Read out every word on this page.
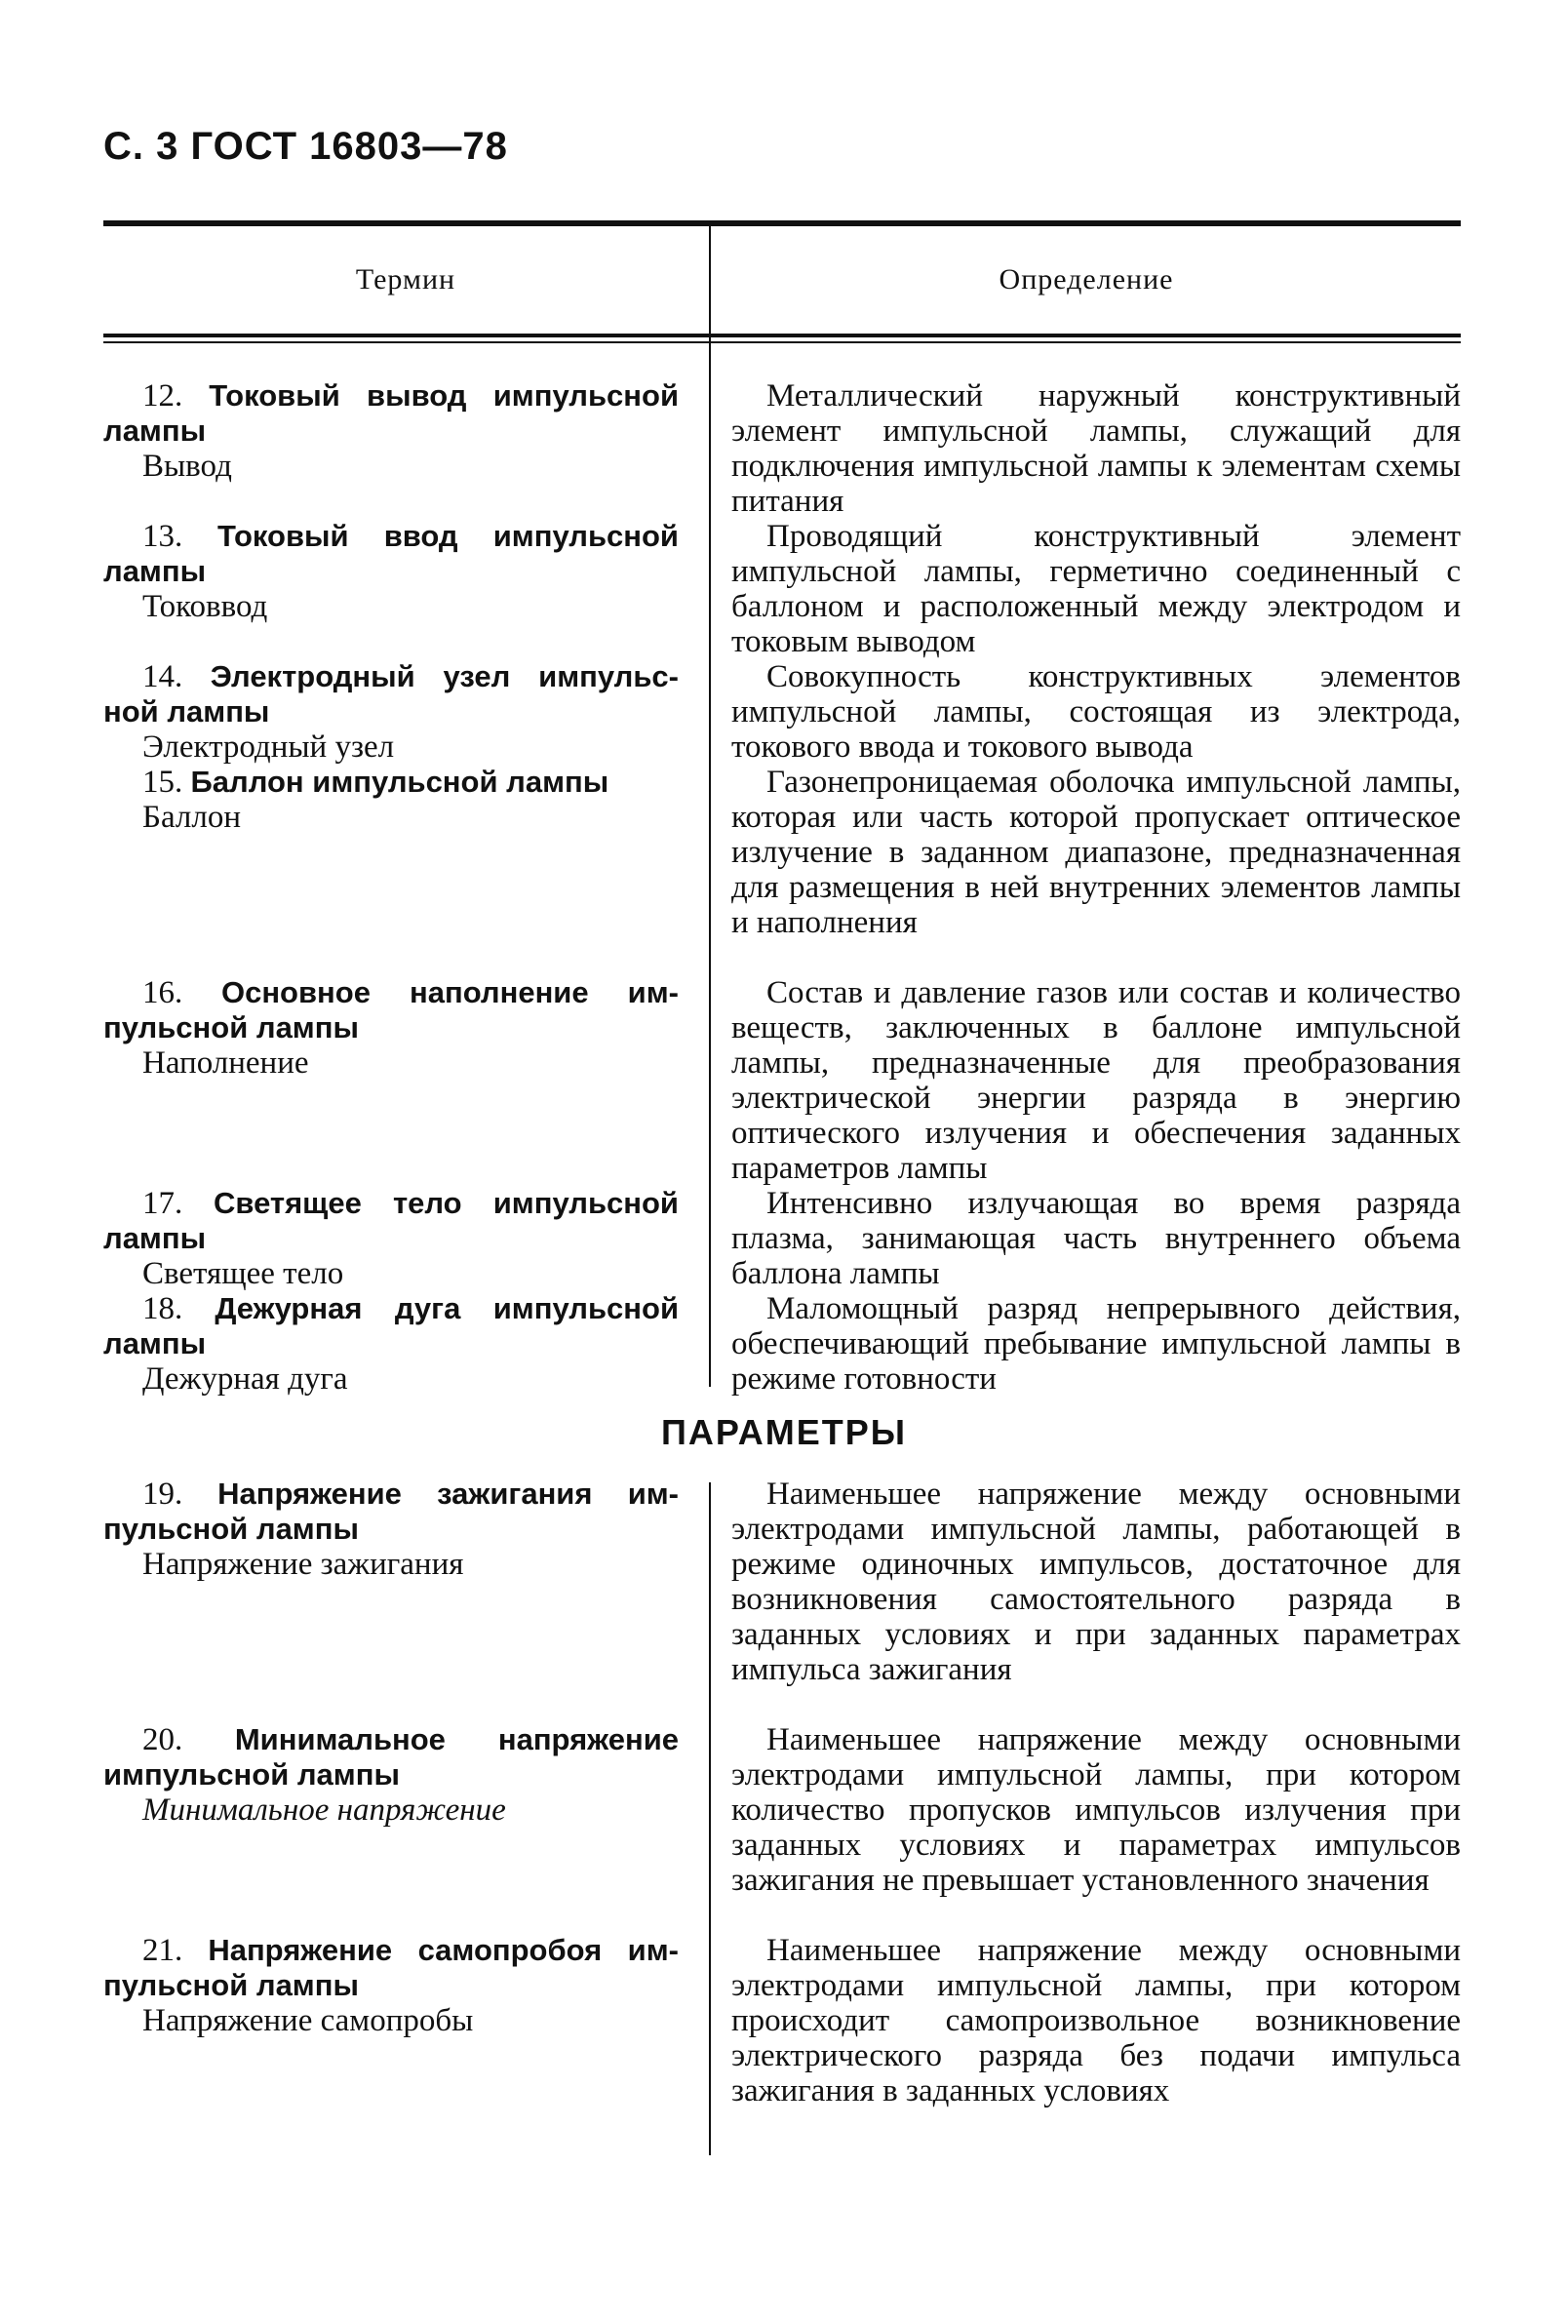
С. 3 ГОСТ 16803—78
Термин	Определение
12. Токовый вывод импульсной
лампы
Вывод
Металлический наружный конструктивный элемент импульсной лампы, служащий для подключения импульсной лампы к элементам схемы питания
13. Токовый ввод импульсной
лампы
Токоввод
Проводящий конструктивный элемент импульсной лампы, герметично соединенный с баллоном и расположенный между электродом и токовым выводом
14. Электродный узел импульс-
ной лампы
Электродный узел
Совокупность конструктивных элементов импульсной лампы, состоящая из электрода, токового ввода и токового вывода
15. Баллон импульсной лампы
Баллон
Газонепроницаемая оболочка импульсной лампы, которая или часть которой пропускает оптическое излучение в заданном диапазоне, предназначенная для размещения в ней внутренних элементов лампы и наполнения
16. Основное наполнение им-
пульсной лампы
Наполнение
Состав и давление газов или состав и количество веществ, заключенных в баллоне импульсной лампы, предназначенные для преобразования электрической энергии разряда в энергию оптического излучения и обеспечения заданных параметров лампы
17. Светящее тело импульсной
лампы
Светящее тело
Интенсивно излучающая во время разряда плазма, занимающая часть внутреннего объема баллона лампы
18. Дежурная дуга импульсной
лампы
Дежурная дуга
Маломощный разряд непрерывного действия, обеспечивающий пребывание импульсной лампы в режиме готовности
ПАРАМЕТРЫ
19. Напряжение зажигания им-
пульсной лампы
Напряжение зажигания
Наименьшее напряжение между основными электродами импульсной лампы, работающей в режиме одиночных импульсов, достаточное для возникновения самостоятельного разряда в заданных условиях и при заданных параметрах импульса зажигания
20. Минимальное напряжение
импульсной лампы
Минимальное напряжение
Наименьшее напряжение между основными электродами импульсной лампы, при котором количество пропусков импульсов излучения при заданных условиях и параметрах импульсов зажигания не превышает установленного значения
21. Напряжение самопробоя им-
пульсной лампы
Напряжение самопробы
Наименьшее напряжение между основными электродами импульсной лампы, при котором происходит самопроизвольное возникновение электрического разряда без подачи импульса зажигания в заданных условиях
